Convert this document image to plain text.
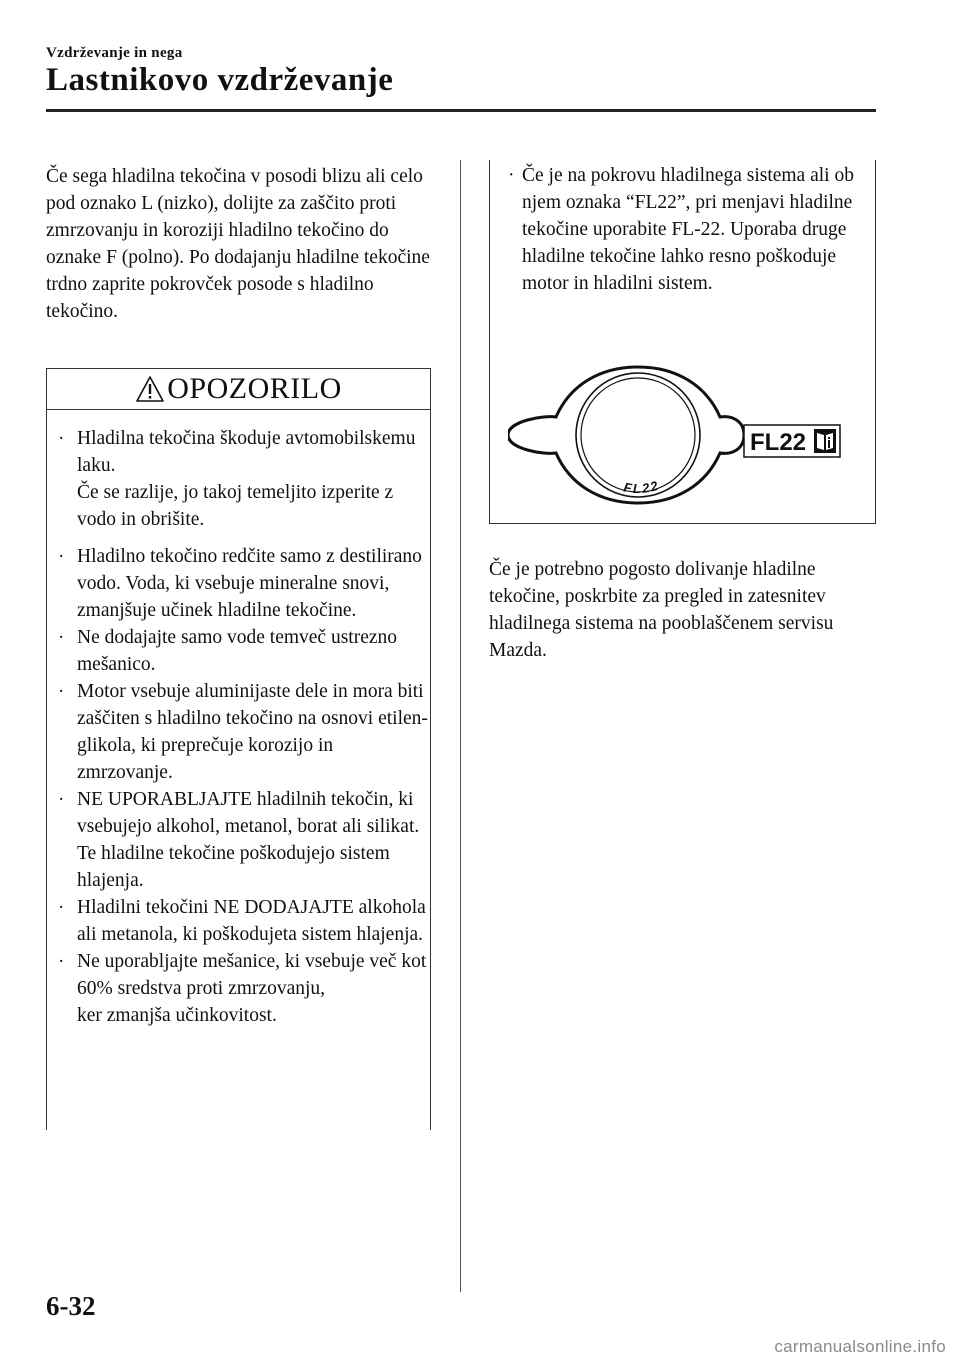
Vzdrževanje in nega
Lastnikovo vzdrževanje

Če sega hladilna tekočina v posodi blizu ali celo pod oznako L (nizko), dolijte za zaščito proti zmrzovanju in koroziji hladilno tekočino do oznake F (polno). Po dodajanju hladilne tekočine trdno zaprite pokrovček posode s hladilno tekočino.

OPOZORILO
· Hladilna tekočina škoduje avtomobilskemu laku.
Če se razlije, jo takoj temeljito izperite z vodo in obrišite.
· Hladilno tekočino redčite samo z destilirano vodo. Voda, ki vsebuje mineralne snovi, zmanjšuje učinek hladilne tekočine.
· Ne dodajajte samo vode temveč ustrezno mešanico.
· Motor vsebuje aluminijaste dele in mora biti zaščiten s hladilno tekočino na osnovi etilen-glikola, ki preprečuje korozijo in zmrzovanje.
· NE UPORABLJAJTE hladilnih tekočin, ki vsebujejo alkohol, metanol, borat ali silikat.
Te hladilne tekočine poškodujejo sistem hlajenja.
· Hladilni tekočini NE DODAJAJTE alkohola ali metanola, ki poškodujeta sistem hlajenja.
· Ne uporabljajte mešanice, ki vsebuje več kot 60% sredstva proti zmrzovanju,
ker zmanjša učinkovitost.
· Če je na pokrovu hladilnega sistema ali ob njem oznaka “FL22”, pri menjavi hladilne tekočine uporabite FL-22. Uporaba druge hladilne tekočine lahko resno poškoduje motor in hladilni sistem.
FL22
FL22

Če je potrebno pogosto dolivanje hladilne tekočine, poskrbite za pregled in zatesnitev hladilnega sistema na pooblaščenem servisu Mazda.

6-32
carmanualsonline.info
